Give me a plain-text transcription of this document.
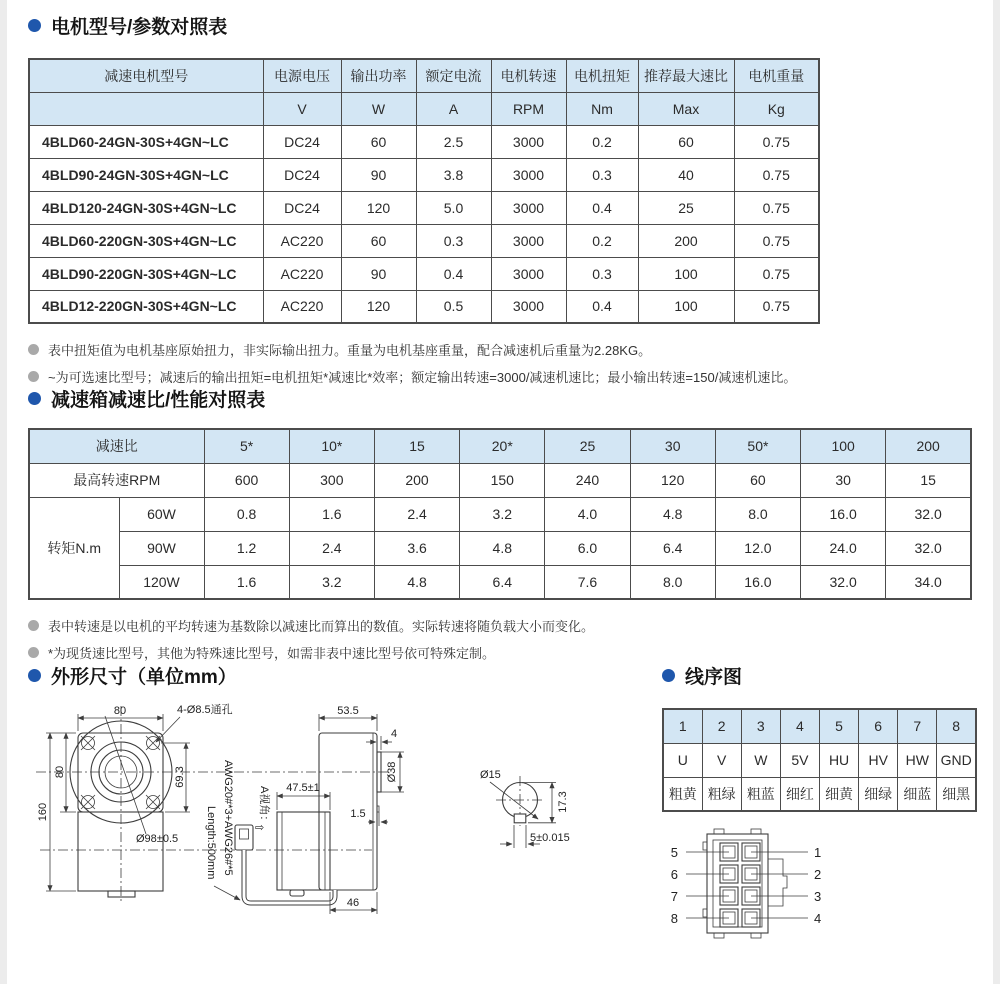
电机型号/参数对照表
减速电机型号	电源电压	输出功率	额定电流	电机转速	电机扭矩	推荐最大速比	电机重量
	V	W	A	RPM	Nm	Max	Kg
4BLD60-24GN-30S+4GN~LC	DC24	60	2.5	3000	0.2	60	0.75
4BLD90-24GN-30S+4GN~LC	DC24	90	3.8	3000	0.3	40	0.75
4BLD120-24GN-30S+4GN~LC	DC24	120	5.0	3000	0.4	25	0.75
4BLD60-220GN-30S+4GN~LC	AC220	60	0.3	3000	0.2	200	0.75
4BLD90-220GN-30S+4GN~LC	AC220	90	0.4	3000	0.3	100	0.75
4BLD12-220GN-30S+4GN~LC	AC220	120	0.5	3000	0.4	100	0.75
表中扭矩值为电机基座原始扭力，非实际输出扭力。重量为电机基座重量，配合减速机后重量为2.28KG。
~为可选速比型号；减速后的输出扭矩=电机扭矩*减速比*效率；额定输出转速=3000/减速机速比；最小输出转速=150/减速机速比。
减速箱减速比/性能对照表
减速比		5*	10*	15	20*	25	30	50*	100	200
最高转速RPM		600	300	200	150	240	120	60	30	15
转矩N.m	60W	0.8	1.6	2.4	3.2	4.0	4.8	8.0	16.0	32.0
	90W	1.2	2.4	3.6	4.8	6.0	6.4	12.0	24.0	32.0
	120W	1.6	3.2	4.8	6.4	7.6	8.0	16.0	32.0	34.0
表中转速是以电机的平均转速为基数除以减速比而算出的数值。实际转速将随负载大小而变化。
*为现货速比型号，其他为特殊速比型号，如需非表中速比型号依可特殊定制。
外形尺寸（单位mm）	线序图
80
160
80	69.3
4-Ø8.5通孔
Ø98±0.5
A视角：
⇨
AWG20#*3+AWG26#*5
Length:500mm
53.5
4
Ø38
47.5±1
1.5
46
Ø15
17.3
5±0.015
1	2	3	4	5	6	7	8
U	V	W	5V	HU	HV	HW	GND
粗黄	粗绿	粗蓝	细红	细黄	细绿	细蓝	细黑
5
6
7
8
1
2
3
4
